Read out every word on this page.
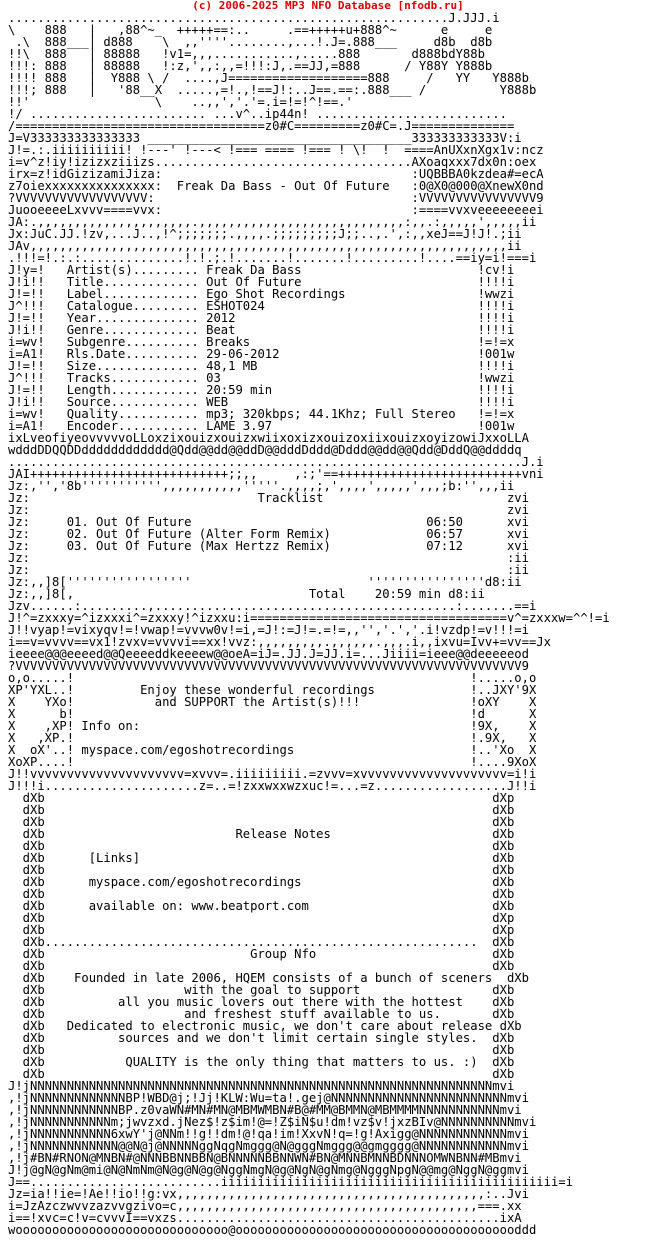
(c) 2006-2025 MP3 NFO Database [nfodb.ru]
............................................................J.JJJ.i
\    888   |   ,88^~_  +++++==:..     .==+++++u+888^~      e     e
.\  888___| d888    \  ,,''''........,...!.J=.888___     d8b  d8b
!!\  888   | 88888   !v1=,,,...........,.....888       d888bdY88b
!!!: 888   | 88888   !:z,',,:,,=!!!:J,.==JJ,=888      / Y88Y Y888b
!!!! 888   |  Y888 \ /  ....,J===================888     /   YY   Y888b
!!!; 888   |   '88__X  .....,=!.,!==J!:..J==.==:.888___ /          Y888b
!!'                 \    ..,,','.'=.i=!=!^!==.'
!/ ........................ ...v^..ip44n! ..........................
/==================================z0#C=========z0#C=.J==============
J=V333333333333333 ____________________________________333333333333V:i
J!=.:.iiiiiiiiii! !---' !---< !=== ==== !=== ! \!  !  ====AnUXxnXgx1v:ncz
i=v^z!iy!izizxziiizs...................................AXoaqxxx7dx0n:oex
irx=z!idGizizamiJiza:                                  :UQBBBA0kzdea#=ecA
z7oiexxxxxxxxxxxxxxx:  Freak Da Bass - Out Of Future   :0@X0@000@XnewX0nd
?VVVVVVVVVVVVVVVVVV:                                   :VVVVVVVVVVVVVVVV9
JuooeeeeLxvvv====vvx:                                  :====vvxveeeeeeeei
JA:.,,,,,,,,,,,,,,,,,,,,,.,,,,,,,,,,,,,,,,,,,,,,,,,,,,:,,.:,,,,,',,,,,ii
Jx:JuC.JJ.!zv,...J..,!^;;;;;;;.,,,,.;;;;;;;;;J;;..,.',:,,xeJ==J!J!.;ii
JAv,,,,,,,,,,,,,,,,,,,,,,,,,,,,,,,,,,,,,,,,,,,,,,,,,,,,,,,,,,,,,,,,,ii
.!!!=!.:.:..............!.!.;.!.......!.......!.........!....==iy=i!===i
J!y=!   Artist(s)......... Freak Da Bass                        !cv!i
J!i!!   Title............. Out Of Future                        !!!!i
J!=!!   Label............. Ego Shot Recordings                  !wwzi
J^!!!   Catalogue......... ESHOT024                             !!!!i
J!=!!   Year.............. 2012                                 !!!!i
J!i!!   Genre............. Beat                                 !!!!i
i=wv!   Subgenre.......... Breaks                               !=!=x
i=A1!   Rls.Date.......... 29-06-2012                           !001w
J!=!!   Size.............. 48,1 MB                              !!!!i
J^!!!   Tracks............ 03                                   !wwzi
J!=!!   Length............ 20:59 min                            !!!!i
J!i!!   Source............ WEB                                  !!!!i
i=wv!   Quality........... mp3; 320kbps; 44.1Khz; Full Stereo   !=!=x
i=A1!   Encoder........... LAME 3.97                            !001w
ixLveofiyeovvvvvoLLoxzixouizxouizxwiixoxizxouizoxiixouizxoyizowiJxxoLLA
wdddDDQQDDdddddddddddd@Qdd@@dd@@ddD@@dddDddd@Dddd@@dd@@Qdd@DddQ@@ddddq
......................................................................J.i
JAI+++++++++++++++++++++++++++;;,,     ,:;'==+++++++++++++++++++++++++vni
Jz:,'','8b''''''''''',,,,,,,,,,,'''''.,,,,;,',,,,',,,,,',,,;b:'',,,ii
Jz:                               Tracklist                         zvi
Jz:                                                                 zvi
Jz:     01. Out Of Future                                06:50      xvi
Jz:     02. Out Of Future (Alter Form Remix)             06:57      xvi
Jz:     03. Out Of Future (Max Hertzz Remix)             07:12      xvi
Jz:                                                                 :ii
Jz:                                                                 :ii
Jz:,,]8['''''''''''''''''                        ''''''''''''''''d8:ii
Jz:,,]8[,                                Total    20:59 min d8:ii
Jzv......:.........,.........................................:.......==i
J!^=zxxxy=^izxxxi^=zxxxy!^izxxu:i===================================v^=zxxxw=^^!=i
J!!vyap!=vixyqv!=!vwap!=vvvw0v!=i,=J!:=J!=.=!=,,'','.','.i!vzdp!=v!!!=i
i==v=vvvv==vx1!zvxv=vvvvi==xx!vvz:,,,,,,,,,.,,,,,,.,,,.i,,ixvu=Ivv+=vv==Jx
ieeee@@@eeeed@@Qeeeeddkeeeew@@oeA=iJ=.JJ.J=JJ.i=...Jiiii=ieee@@deeeeeod
?VVVVVVVVVVVVVVVVVVVVVVVVVVVVVVVVVVVVVVVVVVVVVVVVVVVVVVVVVVVVVVVVVVVVV9
o,o.....!                                                      !.....o,o
XP'YXL..!         Enjoy these wonderful recordings             !..JXY'9X
X    YXo!           and SUPPORT the Artist(s)!!!               !oXY    X
X      b!                                                      !d      X
X    ,XP! Info on:                                             !9X,    X
X   ,XP.!                                                      !.9X,   X
X  oX'..! myspace.com/egoshotrecordings                        !..'Xo  X
XoXP....!                                                      !....9XoX
J!!vvvvvvvvvvvvvvvvvvvvv=xvvv=.iiiiiiiii.=zvvv=xvvvvvvvvvvvvvvvvvvvv=i!i
J!!!i.....................z=..=!zxxwxxwzxuc!=...=z..................J!!i
dXb                                                             dXp
dXb                                                             dXb
dXb                                                             dXb
dXb                          Release Notes                      dXb
dXb                                                             dXb
dXb      [Links]                                                dXb
dXb                                                             dXb
dXb      myspace.com/egoshotrecordings                          dXb
dXb                                                             dXb
dXb      available on: www.beatport.com                         dXb
dXb                                                             dXp
dXb                                                             dXp
dXb...........................................................  dXb
dXb                            Group Nfo                        dXb
dXb                                                             dXb
dXb    Founded in late 2006, HQEM consists of a bunch of sceners  dXb
dXb                   with the goal to support                  dXb
dXb          all you music lovers out there with the hottest    dXb
dXb                   and freshest stuff available to us.       dXb
dXb   Dedicated to electronic music, we don't care about release dXb
dXb          sources and we don't limit certain single styles.  dXb
dXb                                                             dXb
dXb           QUALITY is the only thing that matters to us. :)  dXb
dXb                                                             dXb
J!jNNNNNNNNNNNNNNNNNNNNNNNNNNNNNNNNNNNNNNNNNNNNNNNNNNNNNNNNNNNNNNNmvi
,!jNNNNNNNNNNNNNBP!WBD@j;!Jj!KLW:Wu=ta!.gej@NNNNNNNNNNNNNNNNNNNNNNNNmvi
,!jNNNNNNNNNNNNBP.z0vaWN#MN#MN@MBMWMBN#B@#MM@BMMN@MBMMMMNNNNNNNNNNNmvi
,!jNNNNNNNNNNNm;jwvzxd.jNez$!z$im!@=!Z$iN$u!dm!vz$v!jxzBIv@NNNNNNNNNNmvi
,!jNNNNNNNNNNN6xwY'j@NNm!!g!!dm!@!qa!im!XxvN!q=!g!Axigg@NNNNNNNNNNNNmvi
,!jNNNNNNNNNNNN@@N@j@NNNNNggNqgNmggg@N@gggNmggg@@gmgggg@NNNNNNNNNNNNmvi
,!j#BN#RNON@MNBN#@NNNBBNNBBN@BNNNNNBBNNWN#BN@MNNBMNNBDNNNOMWNBNN#MBmvi
J!j@gN@gNm@mi@N@NmNm@N@g@N@g@NggNmgN@g@NgN@gNmg@NgggNpgN@@mg@NggN@ggmvi
J==..........................iiiiiiiiiiiiiiiiiiiiiiiiiiiiiiiiiiiiiiiiiiiiii=i
Jz=ia!!ie=!Ae!!io!!g:vx,,,,,,,,,,,,,,,,,,,,,,,,,,,,,,,,,,,,,,,,,,:..Jvi
i=JzAzczwvvzazvvgzivo=c,,,,,,,,,,,,,,,,,,,,,,,,,,,,,,,,,,,,,,,,,===.xx
i==!xvc=c!v=cvvvI==vxzs............................................ixA
wooooooooooooooooooooooooooooo@ooooooooooooooooooooooooooooooooooooooddd
